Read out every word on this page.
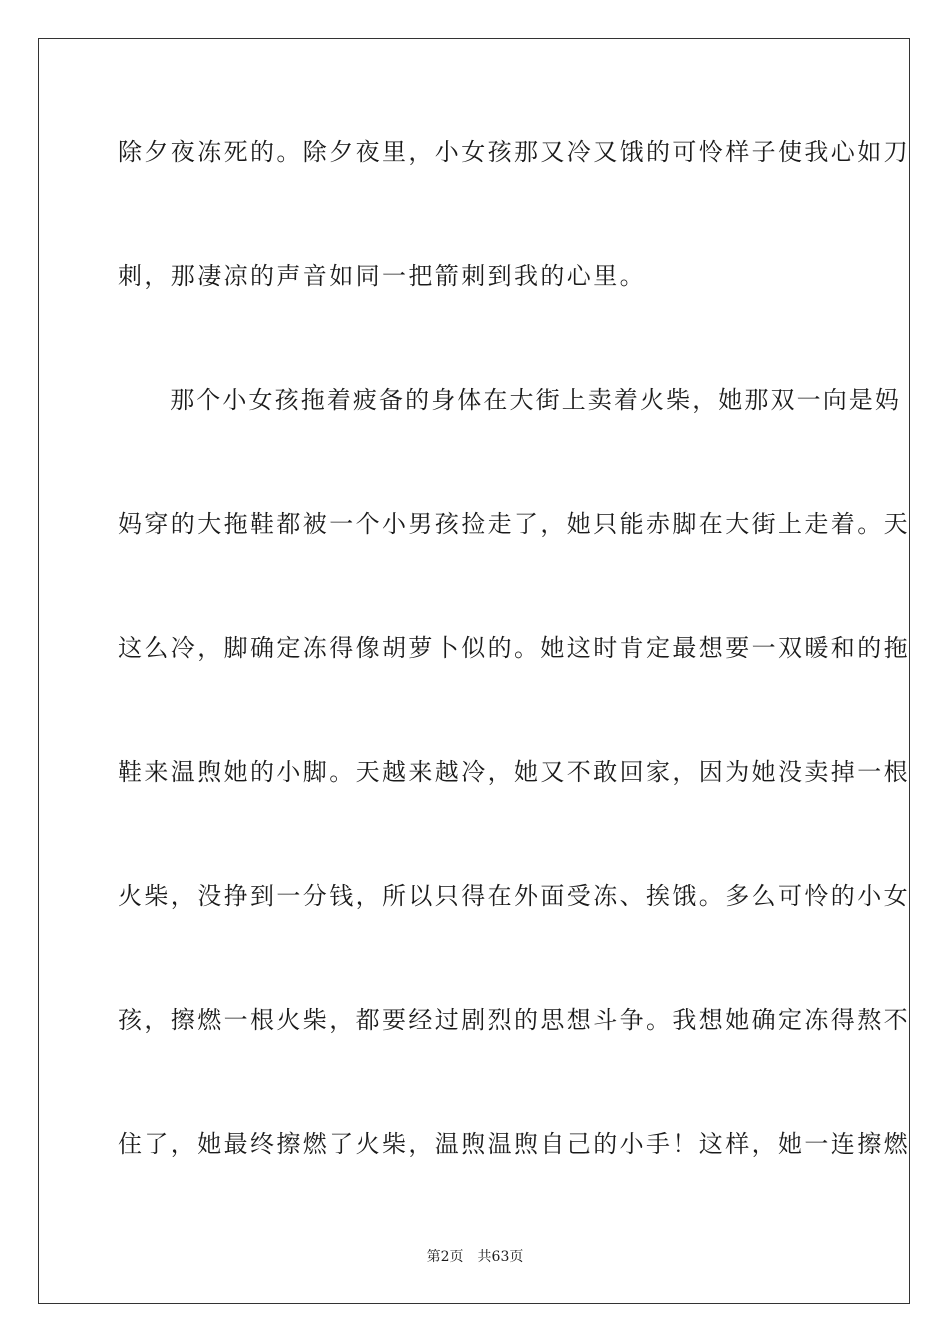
除夕夜冻死的。除夕夜里，小女孩那又冷又饿的可怜样子使我心如刀
刺，那凄凉的声音如同一把箭刺到我的心里。
　　那个小女孩拖着疲备的身体在大街上卖着火柴，她那双一向是妈
妈穿的大拖鞋都被一个小男孩捡走了，她只能赤脚在大街上走着。天
这么冷，脚确定冻得像胡萝卜似的。她这时肯定最想要一双暖和的拖
鞋来温煦她的小脚。天越来越冷，她又不敢回家，因为她没卖掉一根
火柴，没挣到一分钱，所以只得在外面受冻、挨饿。多么可怜的小女
孩，擦燃一根火柴，都要经过剧烈的思想斗争。我想她确定冻得熬不
住了，她最终擦燃了火柴，温煦温煦自己的小手！这样，她一连擦燃
第2页 共63页
